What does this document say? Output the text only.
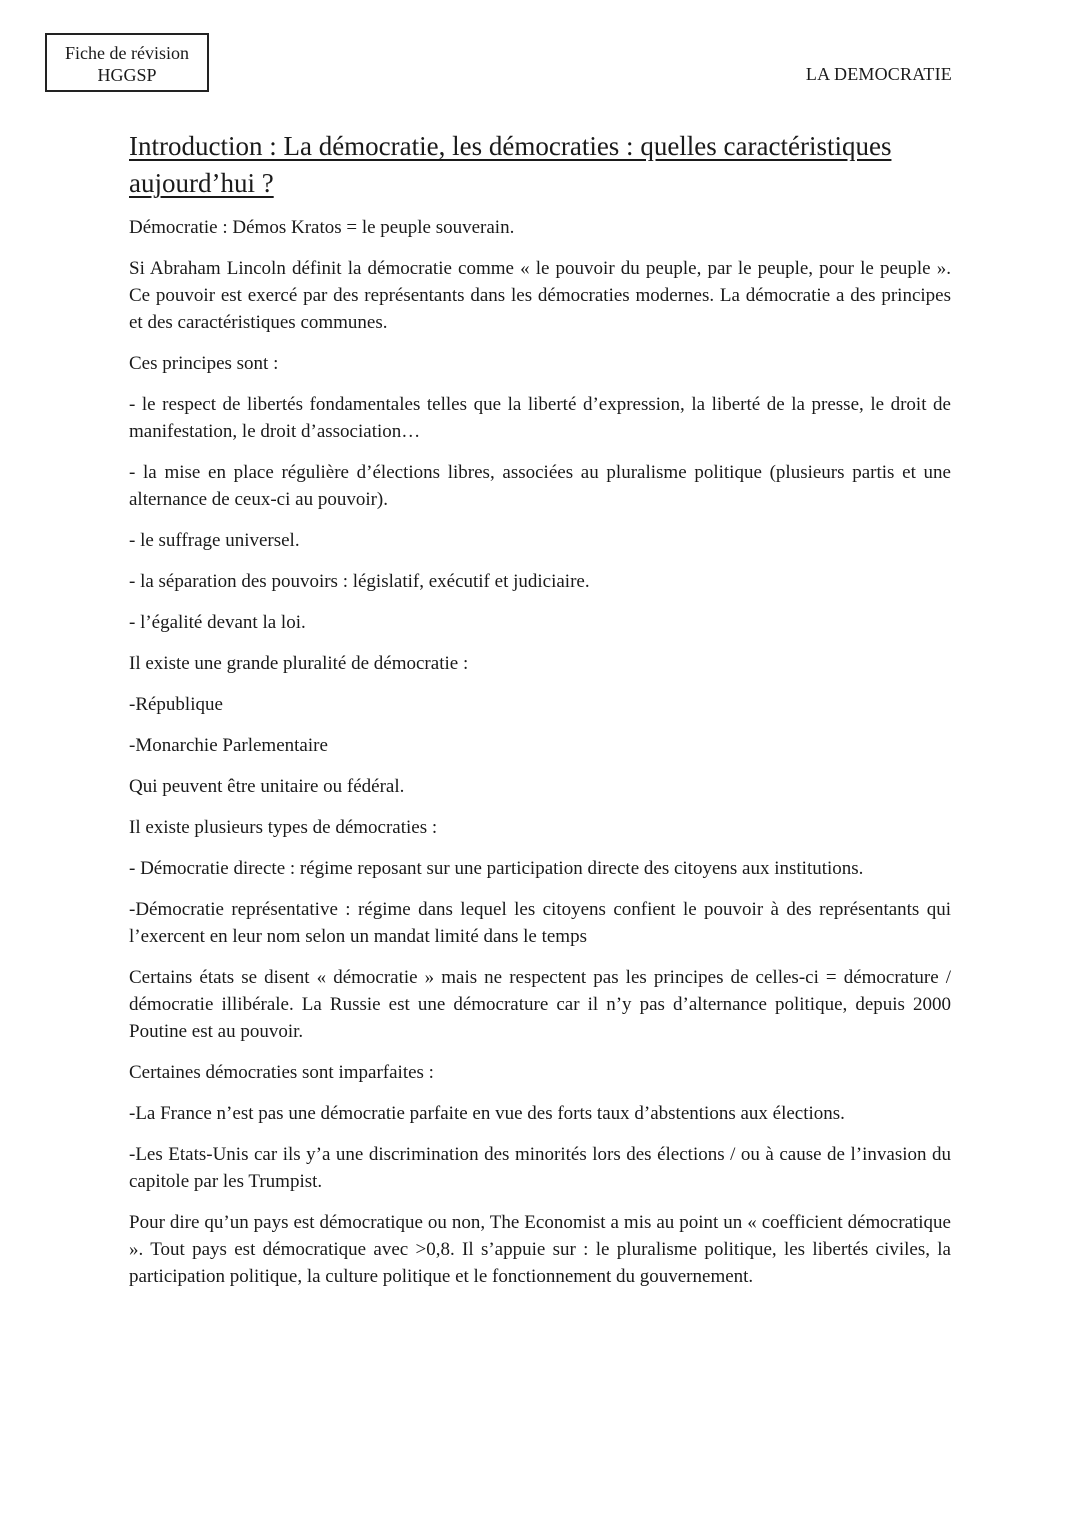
Fiche de révision
HGGSP	LA DEMOCRATIE
Introduction : La démocratie, les démocraties : quelles caractéristiques aujourd’hui ?

Démocratie : Démos Kratos = le peuple souverain.

Si Abraham Lincoln définit la démocratie comme « le pouvoir du peuple, par le peuple, pour le peuple ». Ce pouvoir est exercé par des représentants dans les démocraties modernes. La démocratie a des principes et des caractéristiques communes.

Ces principes sont :

- le respect de libertés fondamentales telles que la liberté d’expression, la liberté de la presse, le droit de manifestation, le droit d’association…

- la mise en place régulière d’élections libres, associées au pluralisme politique (plusieurs partis et une alternance de ceux-ci au pouvoir).

- le suffrage universel.

- la séparation des pouvoirs : législatif, exécutif et judiciaire.

- l’égalité devant la loi.

Il existe une grande pluralité de démocratie :

-République

-Monarchie Parlementaire

Qui peuvent être unitaire ou fédéral.

Il existe plusieurs types de démocraties :

- Démocratie directe : régime reposant sur une participation directe des citoyens aux institutions.

-Démocratie représentative : régime dans lequel les citoyens confient le pouvoir à des représentants qui l’exercent en leur nom selon un mandat limité dans le temps

Certains états se disent « démocratie » mais ne respectent pas les principes de celles-ci = démocrature / démocratie illibérale. La Russie est une démocrature car il n’y pas d’alternance politique, depuis 2000 Poutine est au pouvoir.

Certaines démocraties sont imparfaites :

-La France n’est pas une démocratie parfaite en vue des forts taux d’abstentions aux élections.

-Les Etats-Unis car ils y’a une discrimination des minorités lors des élections / ou à cause de l’invasion du capitole par les Trumpist.

Pour dire qu’un pays est démocratique ou non, The Economist a mis au point un « coefficient démocratique ». Tout pays est démocratique avec >0,8. Il s’appuie sur : le pluralisme politique, les libertés civiles, la participation politique, la culture politique et le fonctionnement du gouvernement.
